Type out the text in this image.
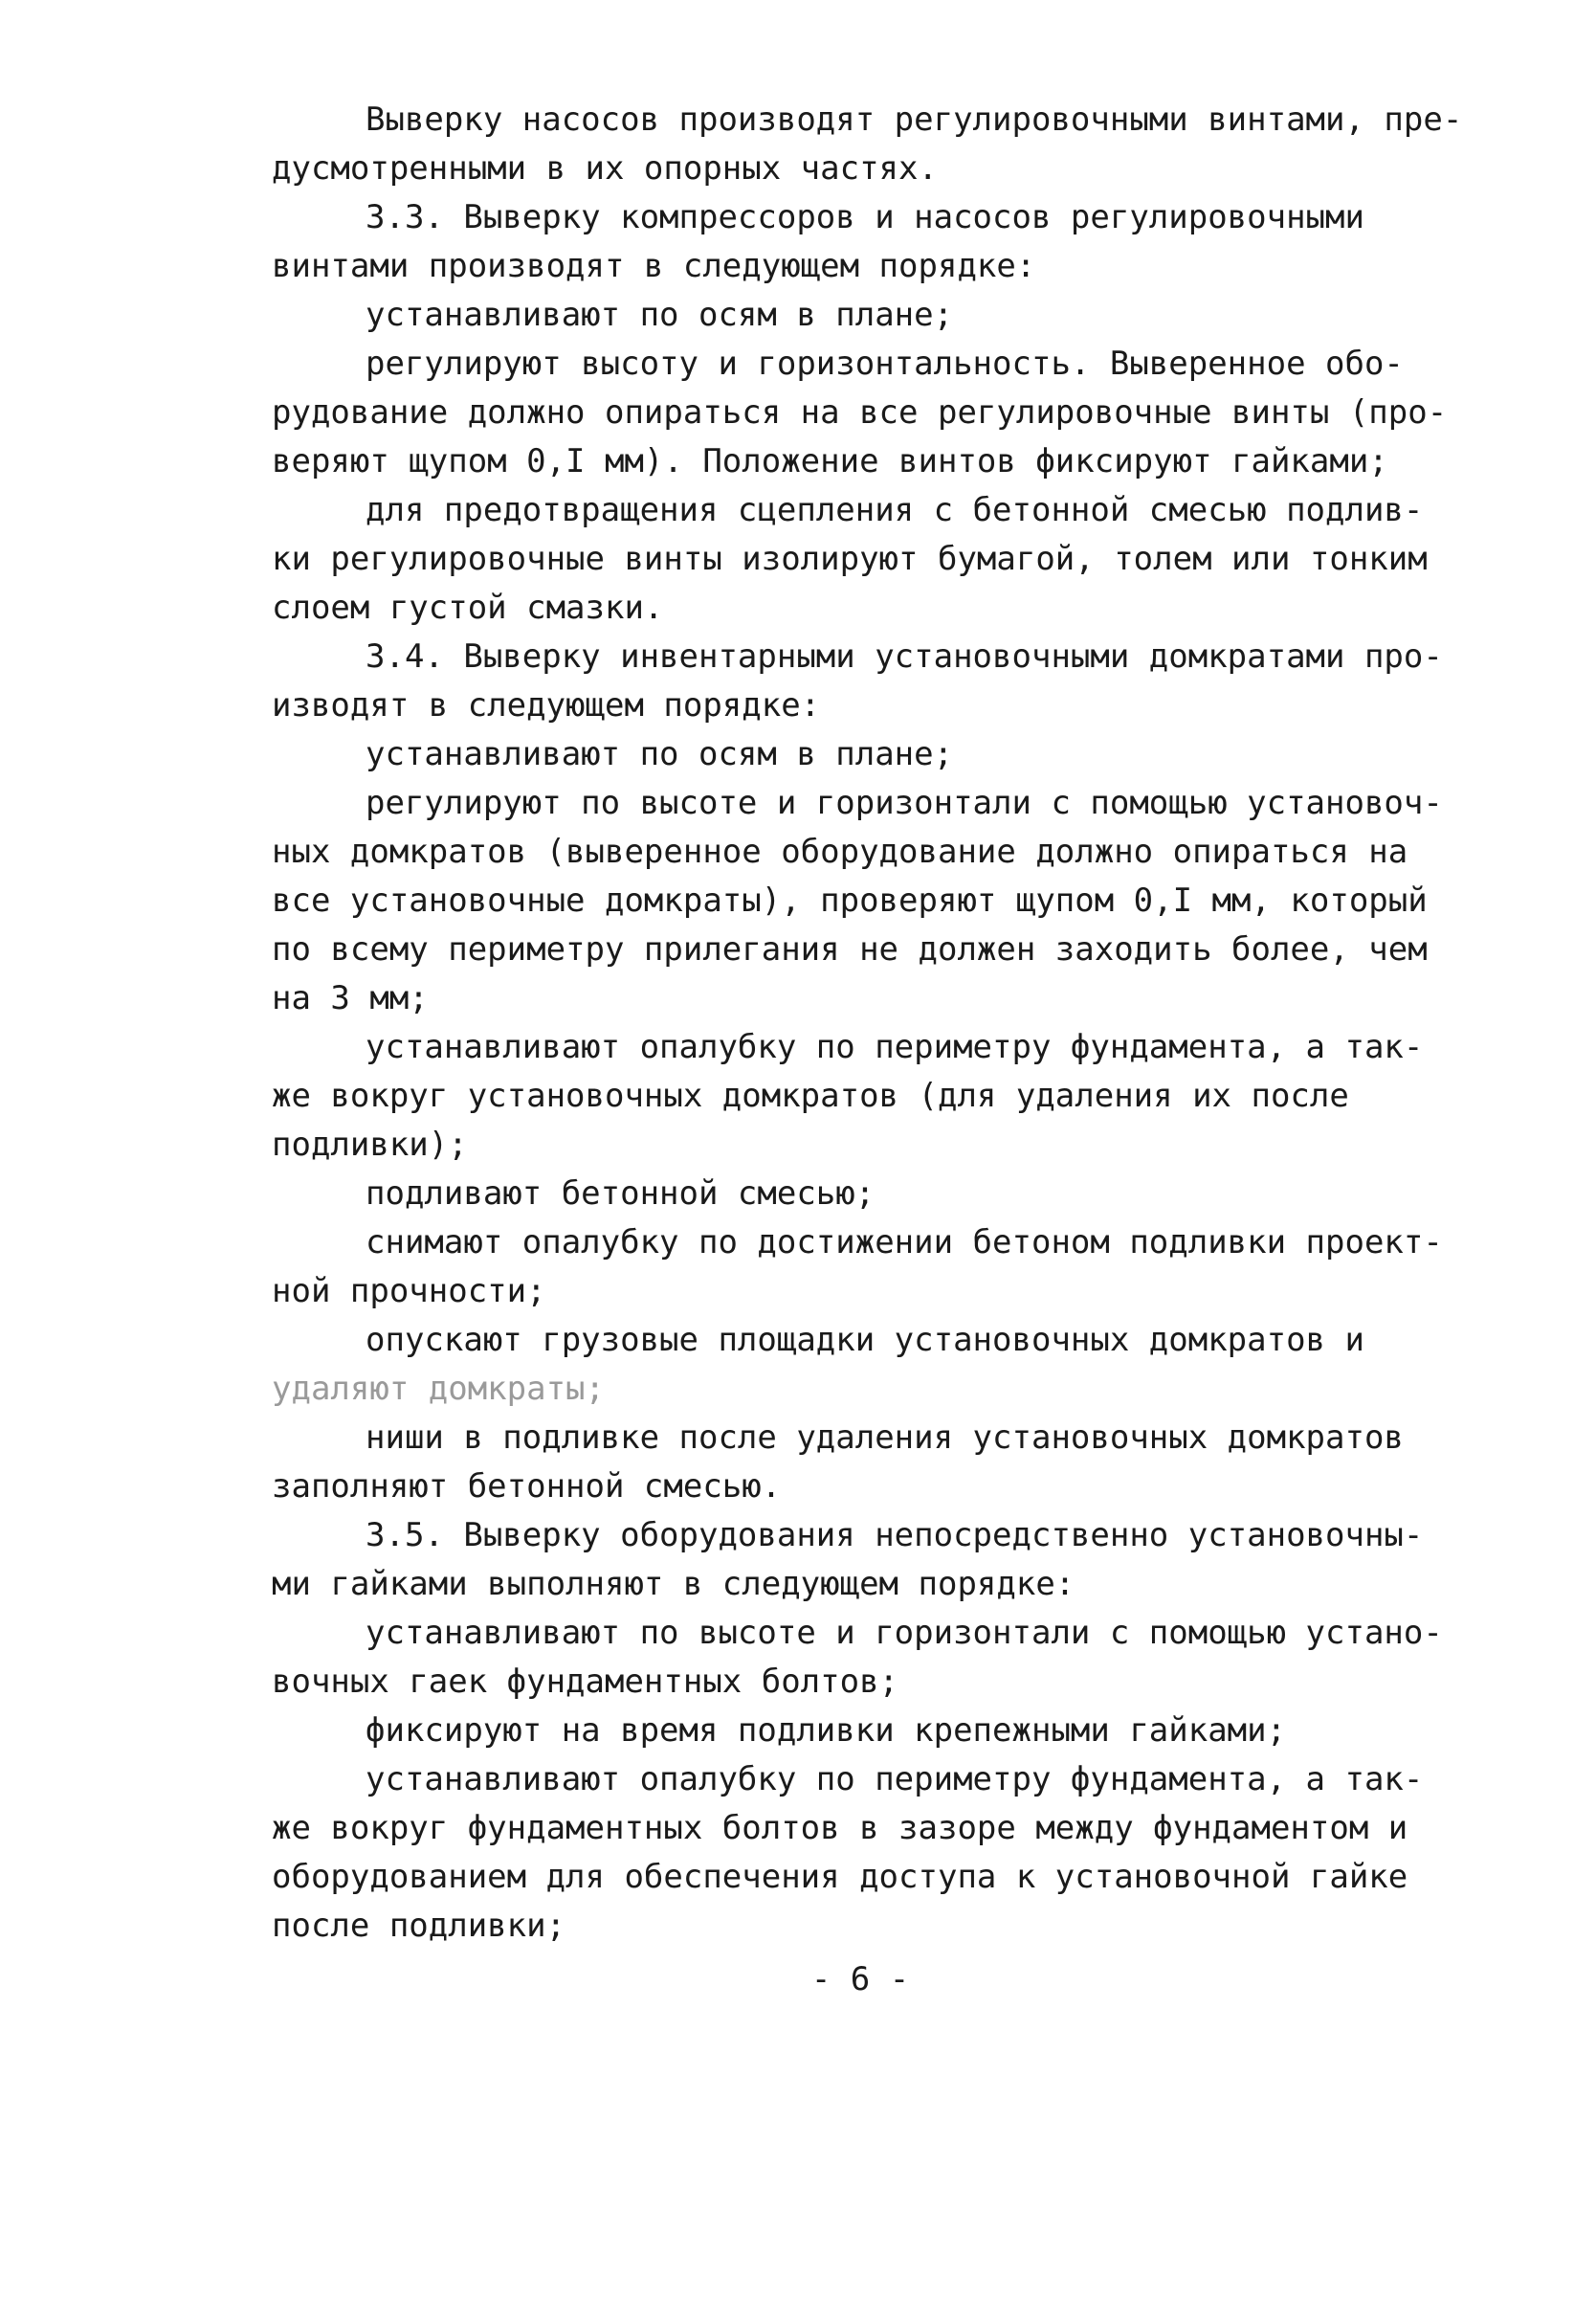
Выверку насосов производят регулировочными винтами, пре-
дусмотренными в их опорных частях.
3.3. Выверку компрессоров и насосов регулировочными
винтами производят в следующем порядке:
устанавливают по осям в плане;
регулируют высоту и горизонтальность. Выверенное обо-
рудование должно опираться на все регулировочные винты (про-
веряют щупом 0,I мм). Положение винтов фиксируют гайками;
для предотвращения сцепления с бетонной смесью подлив-
ки регулировочные винты изолируют бумагой, толем или тонким
слоем густой смазки.
3.4. Выверку инвентарными установочными домкратами про-
изводят в следующем порядке:
устанавливают по осям в плане;
регулируют по высоте и горизонтали с помощью установоч-
ных домкратов (выверенное оборудование должно опираться на
все установочные домкраты), проверяют щупом 0,I мм, который
по всему периметру прилегания не должен заходить более, чем
на 3 мм;
устанавливают опалубку по периметру фундамента, а так-
же вокруг установочных домкратов (для удаления их после
подливки);
подливают бетонной смесью;
снимают опалубку по достижении бетоном подливки проект-
ной прочности;
опускают грузовые площадки установочных домкратов и
удаляют домкраты;
ниши в подливке после удаления установочных домкратов
заполняют бетонной смесью.
3.5. Выверку оборудования непосредственно установочны-
ми гайками выполняют в следующем порядке:
устанавливают по высоте и горизонтали с помощью устано-
вочных гаек фундаментных болтов;
фиксируют на время подливки крепежными гайками;
устанавливают опалубку по периметру фундамента, а так-
же вокруг фундаментных болтов в зазоре между фундаментом и
оборудованием для обеспечения доступа к установочной гайке
после подливки;
- 6 -
